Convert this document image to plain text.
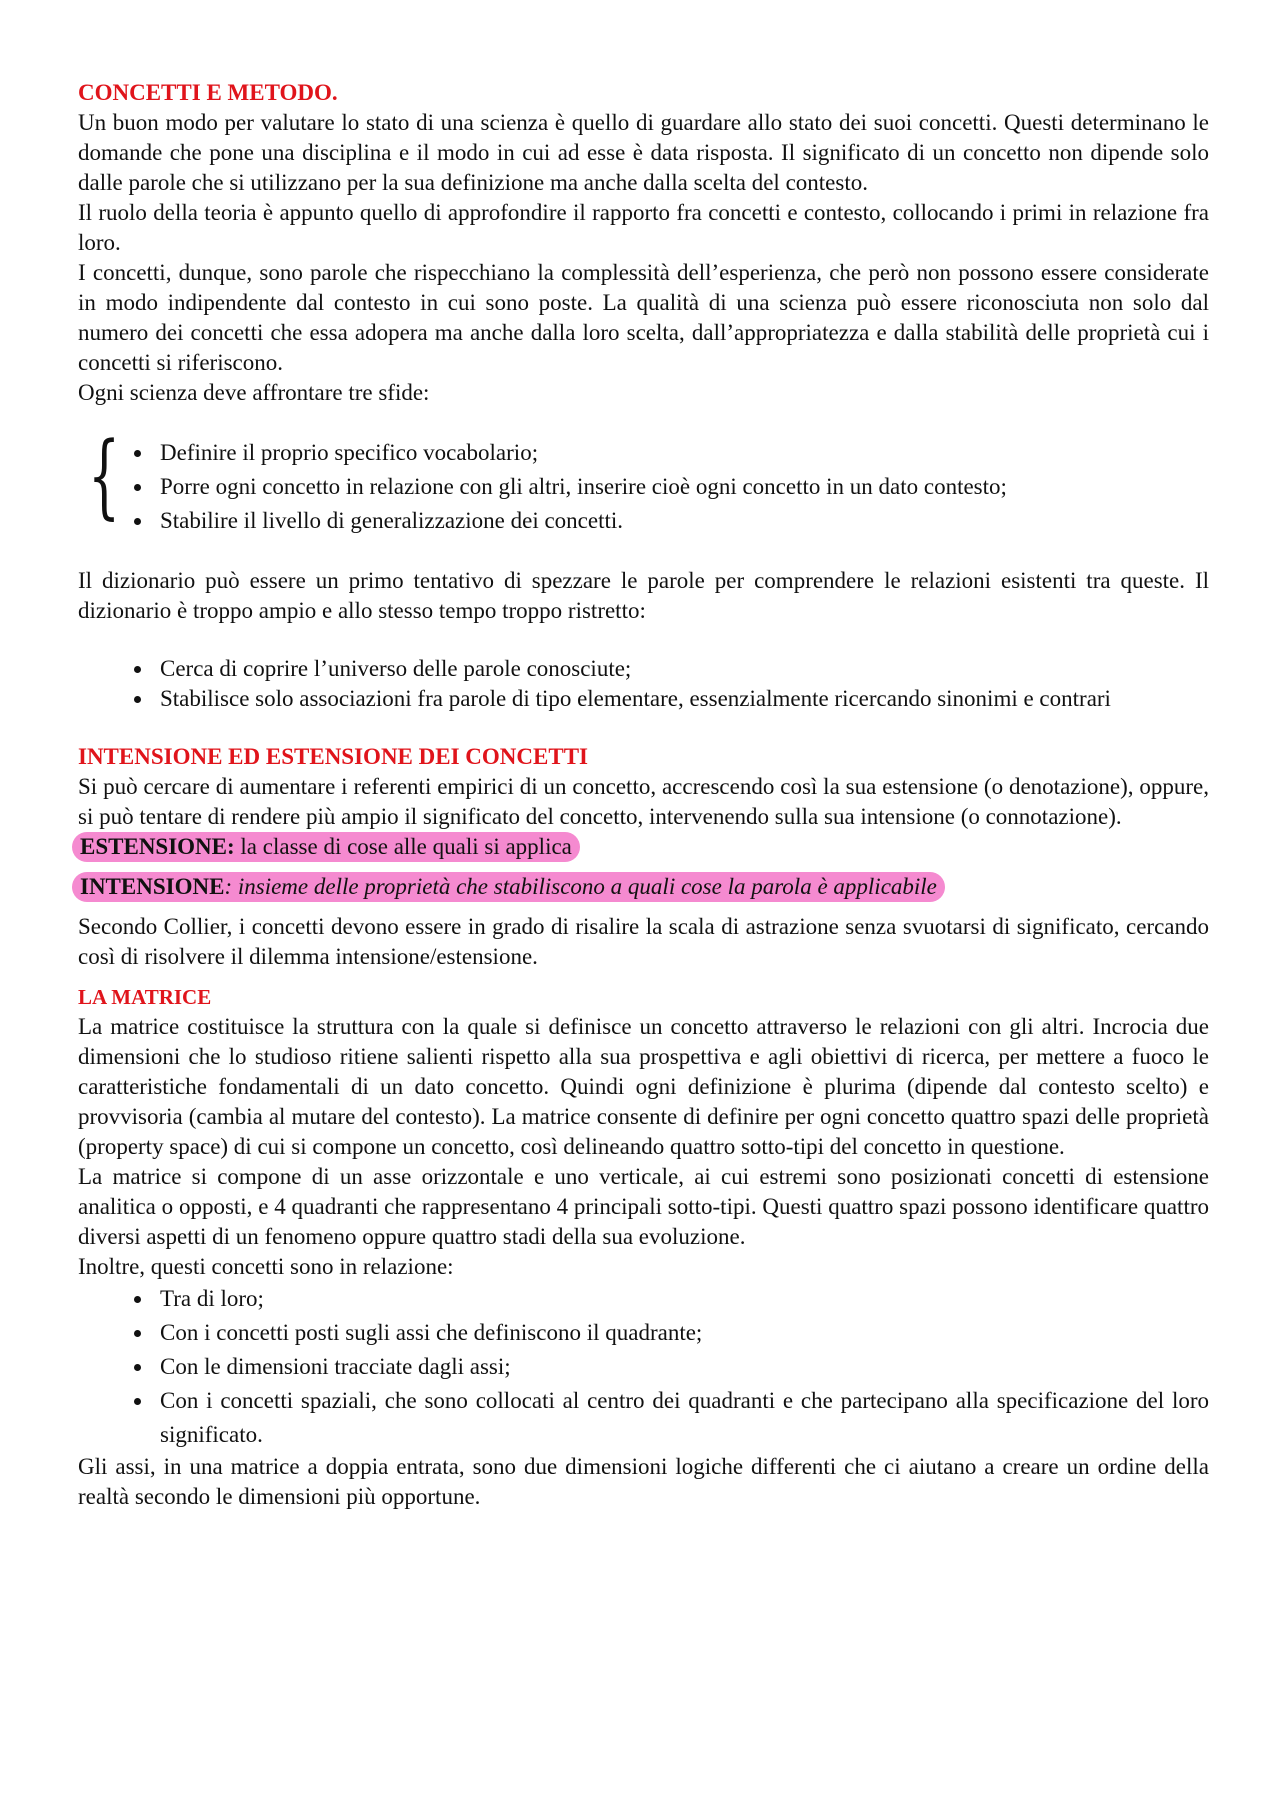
CONCETTI E METODO.

Un buon modo per valutare lo stato di una scienza è quello di guardare allo stato dei suoi concetti. Questi determinano le domande che pone una disciplina e il modo in cui ad esse è data risposta. Il significato di un concetto non dipende solo dalle parole che si utilizzano per la sua definizione ma anche dalla scelta del contesto.

Il ruolo della teoria è appunto quello di approfondire il rapporto fra concetti e contesto, collocando i primi in relazione fra loro.

I concetti, dunque, sono parole che rispecchiano la complessità dell’esperienza, che però non possono essere considerate in modo indipendente dal contesto in cui sono poste. La qualità di una scienza può essere riconosciuta non solo dal numero dei concetti che essa adopera ma anche dalla loro scelta, dall’appropriatezza e dalla stabilità delle proprietà cui i concetti si riferiscono.

Ogni scienza deve affrontare tre sfide:

{
• Definire il proprio specifico vocabolario;
• Porre ogni concetto in relazione con gli altri, inserire cioè ogni concetto in un dato contesto;
• Stabilire il livello di generalizzazione dei concetti.

Il dizionario può essere un primo tentativo di spezzare le parole per comprendere le relazioni esistenti tra queste. Il dizionario è troppo ampio e allo stesso tempo troppo ristretto:

• Cerca di coprire l’universo delle parole conosciute;
• Stabilisce solo associazioni fra parole di tipo elementare, essenzialmente ricercando sinonimi e contrari
INTENSIONE ED ESTENSIONE DEI CONCETTI

Si può cercare di aumentare i referenti empirici di un concetto, accrescendo così la sua estensione (o denotazione), oppure, si può tentare di rendere più ampio il significato del concetto, intervenendo sulla sua intensione (o connotazione).

ESTENSIONE: la classe di cose alle quali si applica
INTENSIONE: insieme delle proprietà che stabiliscono a quali cose la parola è applicabile

Secondo Collier, i concetti devono essere in grado di risalire la scala di astrazione senza svuotarsi di significato, cercando così di risolvere il dilemma intensione/estensione.

LA MATRICE

La matrice costituisce la struttura con la quale si definisce un concetto attraverso le relazioni con gli altri. Incrocia due dimensioni che lo studioso ritiene salienti rispetto alla sua prospettiva e agli obiettivi di ricerca, per mettere a fuoco le caratteristiche fondamentali di un dato concetto. Quindi ogni definizione è plurima (dipende dal contesto scelto) e provvisoria (cambia al mutare del contesto). La matrice consente di definire per ogni concetto quattro spazi delle proprietà (property space) di cui si compone un concetto, così delineando quattro sotto-tipi del concetto in questione.

La matrice si compone di un asse orizzontale e uno verticale, ai cui estremi sono posizionati concetti di estensione analitica o opposti, e 4 quadranti che rappresentano 4 principali sotto-tipi. Questi quattro spazi possono identificare quattro diversi aspetti di un fenomeno oppure quattro stadi della sua evoluzione.

Inoltre, questi concetti sono in relazione:

• Tra di loro;
• Con i concetti posti sugli assi che definiscono il quadrante;
• Con le dimensioni tracciate dagli assi;
• Con i concetti spaziali, che sono collocati al centro dei quadranti e che partecipano alla specificazione del loro significato.

Gli assi, in una matrice a doppia entrata, sono due dimensioni logiche differenti che ci aiutano a creare un ordine della realtà secondo le dimensioni più opportune.
